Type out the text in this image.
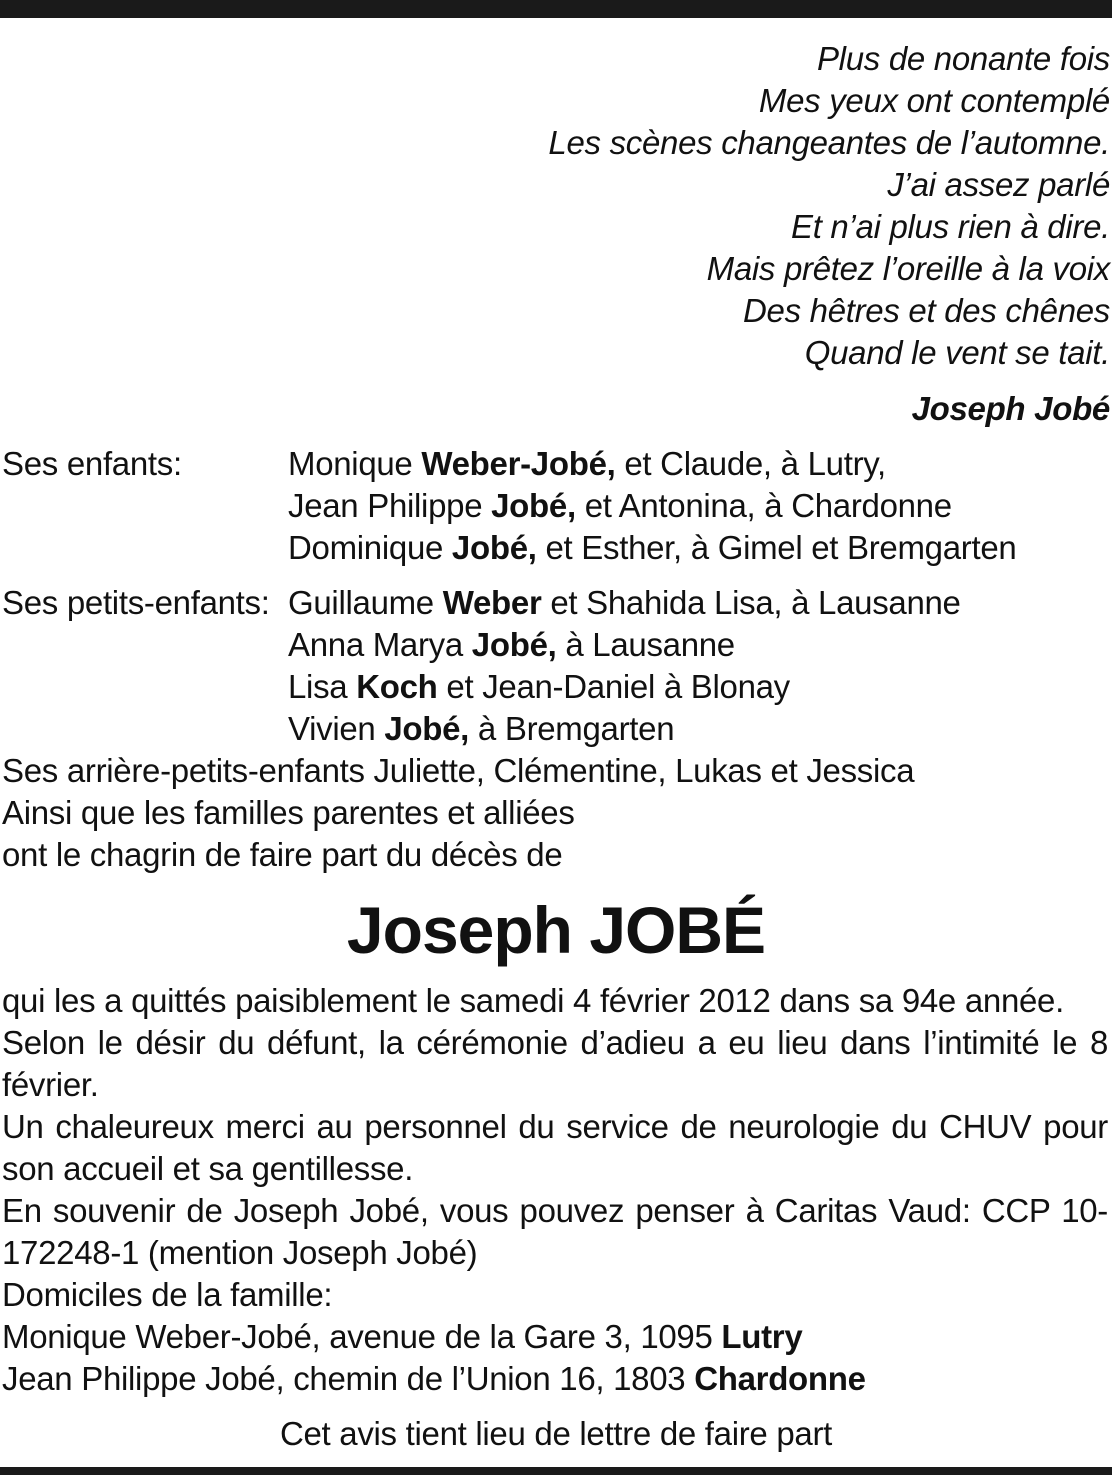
Plus de nonante fois
Mes yeux ont contemplé
Les scènes changeantes de l’automne.
J’ai assez parlé
Et n’ai plus rien à dire.
Mais prêtez l’oreille à la voix
Des hêtres et des chênes
Quand le vent se tait.
Joseph Jobé
Ses enfants:	Monique Weber-Jobé, et Claude, à Lutry,
Jean Philippe Jobé, et Antonina, à Chardonne
Dominique Jobé, et Esther, à Gimel et Bremgarten
Ses petits-enfants: Guillaume Weber et Shahida Lisa, à Lausanne
Anna Marya Jobé, à Lausanne
Lisa Koch et Jean-Daniel à Blonay
Vivien Jobé, à Bremgarten
Ses arrière-petits-enfants Juliette, Clémentine, Lukas et Jessica
Ainsi que les familles parentes et alliées
ont le chagrin de faire part du décès de
Joseph JOBÉ

qui les a quittés paisiblement le samedi 4 février 2012 dans sa 94e année.

Selon le désir du défunt, la cérémonie d’adieu a eu lieu dans l’intimité le 8 février.

Un chaleureux merci au personnel du service de neurologie du CHUV pour son accueil et sa gentillesse.

En souvenir de Joseph Jobé, vous pouvez penser à Caritas Vaud: CCP 10-172248-1 (mention Joseph Jobé)

Domiciles de la famille:

Monique Weber-Jobé, avenue de la Gare 3, 1095 Lutry

Jean Philippe Jobé, chemin de l’Union 16, 1803 Chardonne

Cet avis tient lieu de lettre de faire part
